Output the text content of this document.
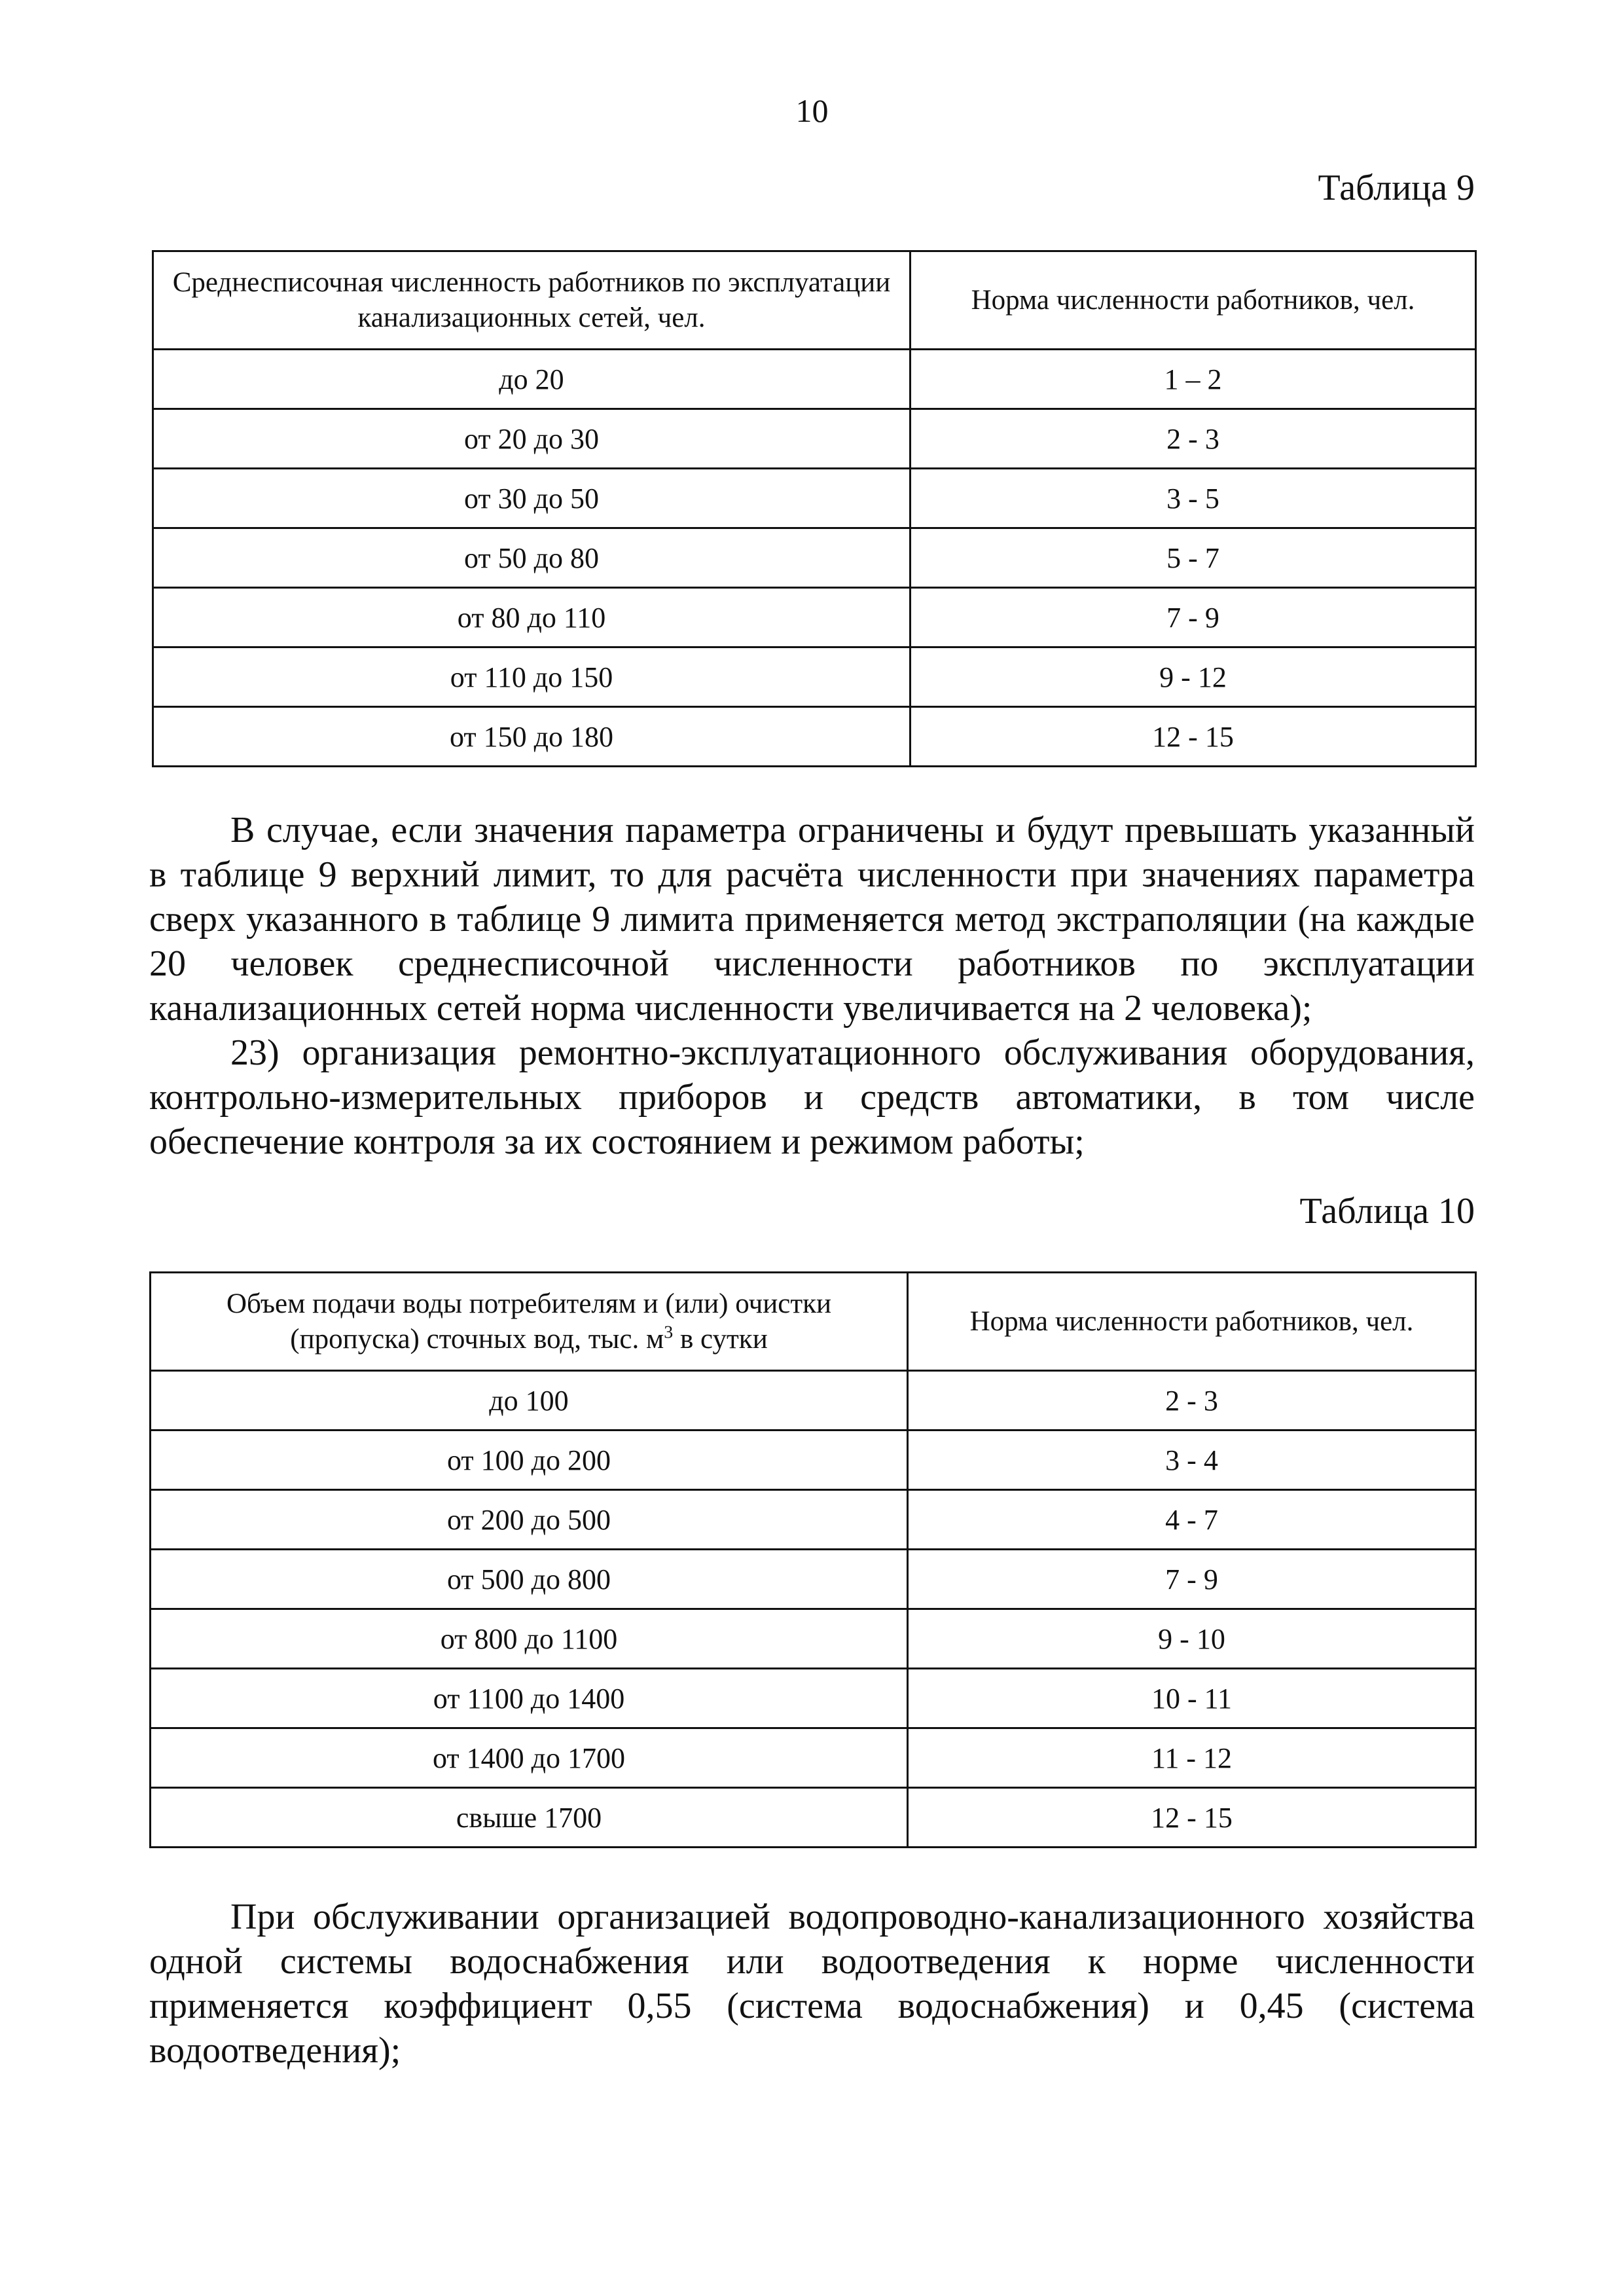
10
Таблица 9
Среднесписочная численность работников по эксплуатации канализационных сетей, чел.	Норма численности работников, чел.
до 20	1 – 2
от 20 до 30	2 - 3
от 30 до 50	3 - 5
от 50 до 80	5 - 7
от 80 до 110	7 - 9
от 110 до 150	9 - 12
от 150 до 180	12 - 15

В случае, если значения параметра ограничены и будут превышать указанный в таблице 9 верхний лимит, то для расчёта численности при значениях параметра сверх указанного в таблице 9 лимита применяется метод экстраполяции (на каждые 20 человек среднесписочной численности работников по эксплуатации канализационных сетей норма численности увеличивается на 2 человека);

23) организация ремонтно-эксплуатационного обслуживания оборудования, контрольно-измерительных приборов и средств автоматики, в том числе обеспечение контроля за их состоянием и режимом работы;

Таблица 10
Объем подачи воды потребителям и (или) очистки
(пропуска) сточных вод, тыс. $м^3$ в сутки	Норма численности работников, чел.
до 100	2 - 3
от 100 до 200	3 - 4
от 200 до 500	4 - 7
от 500 до 800	7 - 9
от 800 до 1100	9 - 10
от 1100 до 1400	10 - 11
от 1400 до 1700	11 - 12
свыше 1700	12 - 15

При обслуживании организацией водопроводно-канализационного хозяйства одной системы водоснабжения или водоотведения к норме численности применяется коэффициент 0,55 (система водоснабжения) и 0,45 (система водоотведения);
